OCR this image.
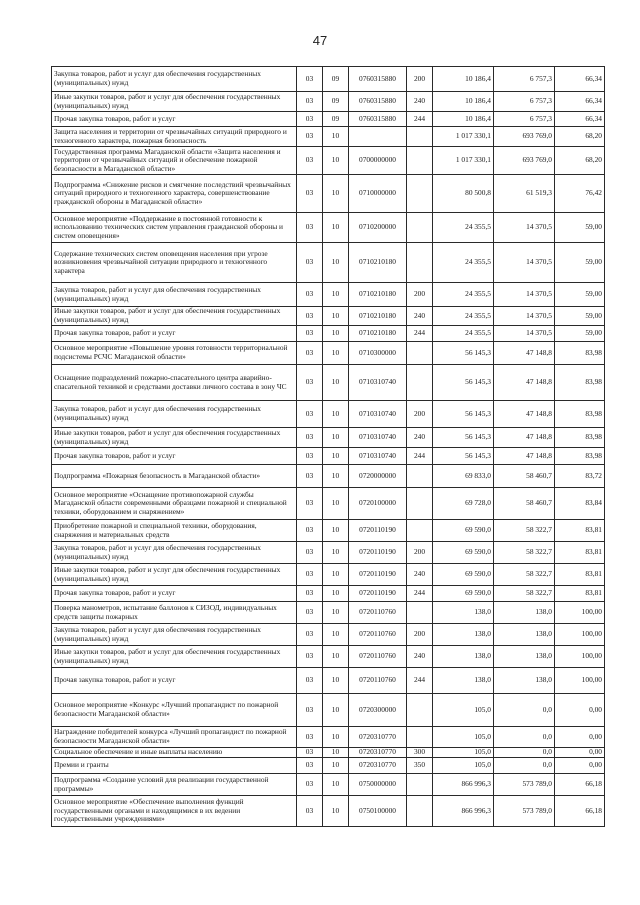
47
Закупка товаров, работ и услуг для обеспечения государственных (муниципальных) нужд	03	09	0760315880	200	10 186,4	6 757,3	66,34
Иные закупки товаров, работ и услуг для обеспечения государственных (муниципальных) нужд	03	09	0760315880	240	10 186,4	6 757,3	66,34
Прочая закупка товаров, работ и услуг	03	09	0760315880	244	10 186,4	6 757,3	66,34
Защита населения и территории от чрезвычайных ситуаций природного и техногенного характера, пожарная безопасность	03	10			1 017 330,1	693 769,0	68,20
Государственная программа Магаданской области «Защита населения и территории от чрезвычайных ситуаций и обеспечение пожарной безопасности в Магаданской области»	03	10	0700000000		1 017 330,1	693 769,0	68,20
Подпрограмма «Снижение рисков и смягчение последствий чрезвычайных ситуаций природного и техногенного характера, совершенствование гражданской обороны в Магаданской области»	03	10	0710000000		80 500,8	61 519,3	76,42
Основное мероприятие «Поддержание в постоянной готовности к использованию технических систем управления гражданской обороны и систем оповещения»	03	10	0710200000		24 355,5	14 370,5	59,00
Содержание технических систем оповещения населения при угрозе возникновения чрезвычайной ситуации природного и техногенного характера	03	10	0710210180		24 355,5	14 370,5	59,00
Закупка товаров, работ и услуг для обеспечения государственных (муниципальных) нужд	03	10	0710210180	200	24 355,5	14 370,5	59,00
Иные закупки товаров, работ и услуг для обеспечения государственных (муниципальных) нужд	03	10	0710210180	240	24 355,5	14 370,5	59,00
Прочая закупка товаров, работ и услуг	03	10	0710210180	244	24 355,5	14 370,5	59,00
Основное мероприятие «Повышение уровня готовности территориальной подсистемы РСЧС Магаданской области»	03	10	0710300000		56 145,3	47 148,8	83,98
Оснащение подразделений пожарно-спасательного центра аварийно-спасательной техникой и средствами доставки личного состава в зону ЧС	03	10	0710310740		56 145,3	47 148,8	83,98
Закупка товаров, работ и услуг для обеспечения государственных (муниципальных) нужд	03	10	0710310740	200	56 145,3	47 148,8	83,98
Иные закупки товаров, работ и услуг для обеспечения государственных (муниципальных) нужд	03	10	0710310740	240	56 145,3	47 148,8	83,98
Прочая закупка товаров, работ и услуг	03	10	0710310740	244	56 145,3	47 148,8	83,98
Подпрограмма «Пожарная безопасность в Магаданской области»	03	10	0720000000		69 833,0	58 460,7	83,72
Основное мероприятие «Оснащение противопожарной службы Магаданской области современными образцами пожарной и специальной техники, оборудованием и снаряжением»	03	10	0720100000		69 728,0	58 460,7	83,84
Приобретение пожарной и специальной техники, оборудования, снаряжения и материальных средств	03	10	0720110190		69 590,0	58 322,7	83,81
Закупка товаров, работ и услуг для обеспечения государственных (муниципальных) нужд	03	10	0720110190	200	69 590,0	58 322,7	83,81
Иные закупки товаров, работ и услуг для обеспечения государственных (муниципальных) нужд	03	10	0720110190	240	69 590,0	58 322,7	83,81
Прочая закупка товаров, работ и услуг	03	10	0720110190	244	69 590,0	58 322,7	83,81
Поверка манометров, испытание баллонов к СИЗОД, индивидуальных средств защиты пожарных	03	10	0720110760		138,0	138,0	100,00
Закупка товаров, работ и услуг для обеспечения государственных (муниципальных) нужд	03	10	0720110760	200	138,0	138,0	100,00
Иные закупки товаров, работ и услуг для обеспечения государственных (муниципальных) нужд	03	10	0720110760	240	138,0	138,0	100,00
Прочая закупка товаров, работ и услуг	03	10	0720110760	244	138,0	138,0	100,00
Основное мероприятие «Конкурс «Лучший пропагандист по пожарной безопасности Магаданской области»	03	10	0720300000		105,0	0,0	0,00
Награждение победителей конкурса «Лучший пропагандист по пожарной безопасности Магаданской области»	03	10	0720310770		105,0	0,0	0,00
Социальное обеспечение и иные выплаты населению	03	10	0720310770	300	105,0	0,0	0,00
Премии и гранты	03	10	0720310770	350	105,0	0,0	0,00
Подпрограмма «Создание условий для реализации государственной программы»	03	10	0750000000		866 996,3	573 789,0	66,18
Основное мероприятие «Обеспечение выполнения функций государственными органами и находящимися в их ведении государственными учреждениями»	03	10	0750100000		866 996,3	573 789,0	66,18
